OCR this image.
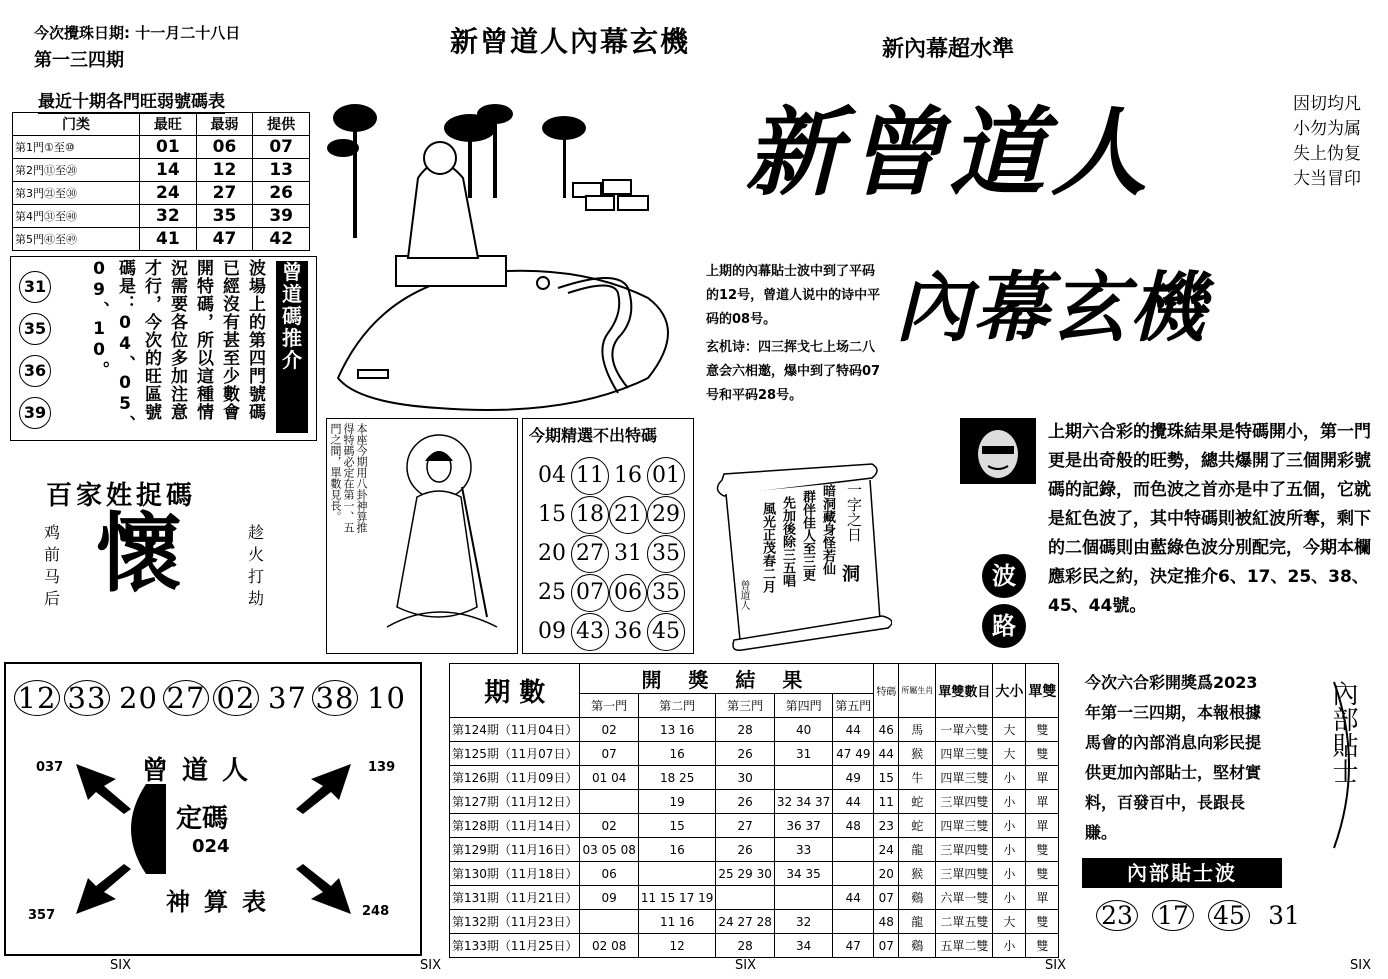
今次攪珠日期: 十一月二十八日
第一三四期
新曾道人內幕玄機	新內幕超水準
最近十期各門旺弱號碼表
门类	最旺	最弱	提供
第1門①至⑩	01	06	07
第2門⑪至⑳	14	12	13
第3門㉑至㉚	24	27	26
第4門㉛至㊵	32	35	39
第5門㊶至㊾	41	47	42
31
35
36
39	波場上的第四門號碼已經沒有甚至少數會開特碼，所以這種情況需要各位多加注意才行，今次的旺區號碼是：04、05、09、10。	曾道碼推介
新曾道人
內幕玄機
因切均凡
小勿为属
失上伪复
大当冒印
上期的內幕貼士波中到了平码的12号，曾道人说中的诗中平码的08号。
玄机诗：四三挥戈七上场二八意会六相邀，爆中到了特码07号和平码28号。
本座今期用八卦神算推得特碼必定在第一、五門之間，單數見長。	今期精選不出特碼
04 11 16 01
15 18 21 29
20 27 31 35
25 07 06 35
09 43 36 45
一字之日
洞
暗洞藏身怪若仙
群伴佳人至三更
先加後除三五唱
風光正茂春二月
曾道人
上期六合彩的攪珠結果是特碼開小，第一門更是出奇般的旺勢，總共爆開了三個開彩號碼的記錄，而色波之首亦是中了五個，它就是紅色波了，其中特碼則被紅波所奪，剩下的二個碼則由藍綠色波分別配完，今期本欄應彩民之約，決定推介6、17、25、38、45、44號。
波
路
百家姓捉碼
懷
鸡
前
马
后
趁
火
打
劫
12 33 20 27 02 37 38 10
曾道人
定碼
024
神算表
037	139
357	248
期 數	開 獎 結 果					特碼	所屬生肖	單雙數目	大小	單雙
	第一門	第二門	第三門	第四門	第五門					
第124期（11月04日）	02	13 16	28	40	44	46	馬	一單六雙	大	雙
第125期（11月07日）	07	16	26	31	47 49	44	猴	四單三雙	大	雙
第126期（11月09日）	01 04	18 25	30		49	15	牛	四單三雙	小	單
第127期（11月12日）		19	26	32 34 37	44	11	蛇	三單四雙	小	單
第128期（11月14日）	02	15	27	36 37	48	23	蛇	四單三雙	小	單
第129期（11月16日）	03 05 08	16	26	33		24	龍	三單四雙	小	雙
第130期（11月18日）	06		25 29 30	34 35		20	猴	三單四雙	小	雙
第131期（11月21日）	09	11 15 17 19			44	07	鷄	六單一雙	小	單
第132期（11月23日）		11 16	24 27 28	32		48	龍	二單五雙	大	雙
第133期（11月25日）	02 08	12	28	34	47	07	鷄	五單二雙	小	雙
今次六合彩開獎爲2023年第一三四期，本報根據馬會的內部消息向彩民提供更加內部貼士，堅材實料，百發百中，長跟長賺。
內部貼士
內部貼士波
23 17 45 31
SIX	SIX	SIX	SIX	SIX
